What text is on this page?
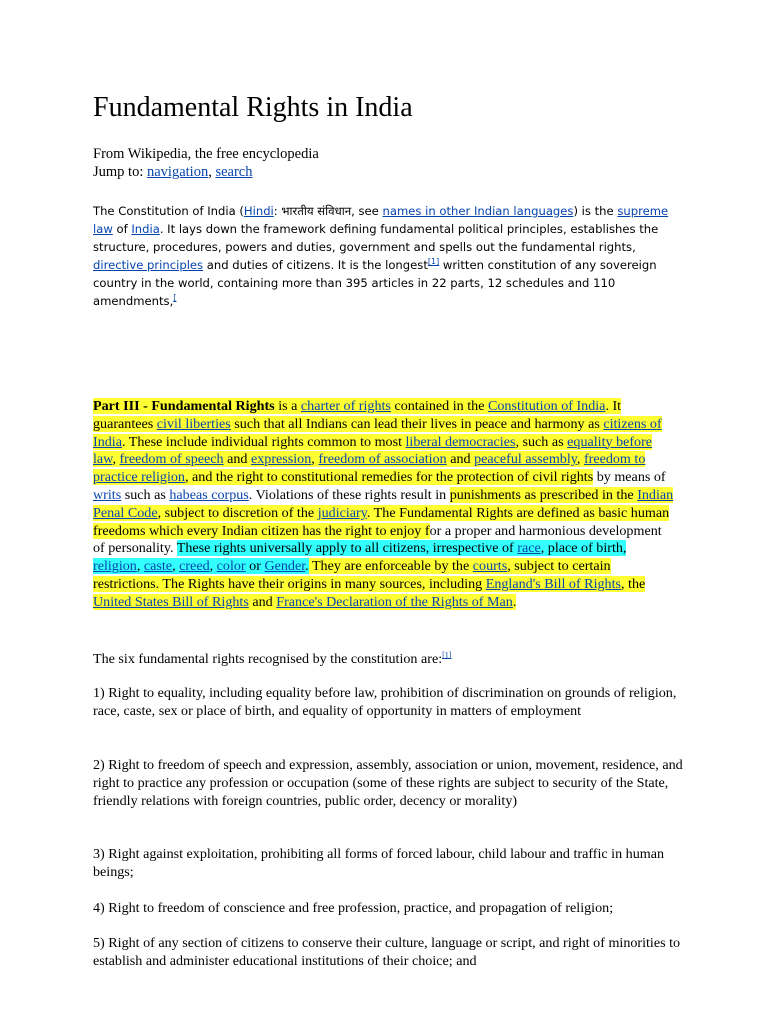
Fundamental Rights in India
From Wikipedia, the free encyclopedia
Jump to: navigation, search
The Constitution of India (Hindi: भारतीय संविधान, see names in other Indian languages) is the supreme law of India. It lays down the framework defining fundamental political principles, establishes the structure, procedures, powers and duties, government and spells out the fundamental rights, directive principles and duties of citizens. It is the longest[1] written constitution of any sovereign country in the world, containing more than 395 articles in 22 parts, 12 schedules and 110 amendments,[
Part III - Fundamental Rights is a charter of rights contained in the Constitution of India. It guarantees civil liberties such that all Indians can lead their lives in peace and harmony as citizens of India. These include individual rights common to most liberal democracies, such as equality before law, freedom of speech and expression, freedom of association and peaceful assembly, freedom to practice religion, and the right to constitutional remedies for the protection of civil rights by means of writs such as habeas corpus. Violations of these rights result in punishments as prescribed in the Indian Penal Code, subject to discretion of the judiciary. The Fundamental Rights are defined as basic human freedoms which every Indian citizen has the right to enjoy for a proper and harmonious development of personality. These rights universally apply to all citizens, irrespective of race, place of birth, religion, caste, creed, color or Gender. They are enforceable by the courts, subject to certain restrictions. The Rights have their origins in many sources, including England's Bill of Rights, the United States Bill of Rights and France's Declaration of the Rights of Man.

The six fundamental rights recognised by the constitution are:[1]

1) Right to equality, including equality before law, prohibition of discrimination on grounds of religion, race, caste, sex or place of birth, and equality of opportunity in matters of employment

2) Right to freedom of speech and expression, assembly, association or union, movement, residence, and right to practice any profession or occupation (some of these rights are subject to security of the State, friendly relations with foreign countries, public order, decency or morality)

3) Right against exploitation, prohibiting all forms of forced labour, child labour and traffic in human beings;

4) Right to freedom of conscience and free profession, practice, and propagation of religion;

5) Right of any section of citizens to conserve their culture, language or script, and right of minorities to establish and administer educational institutions of their choice; and
